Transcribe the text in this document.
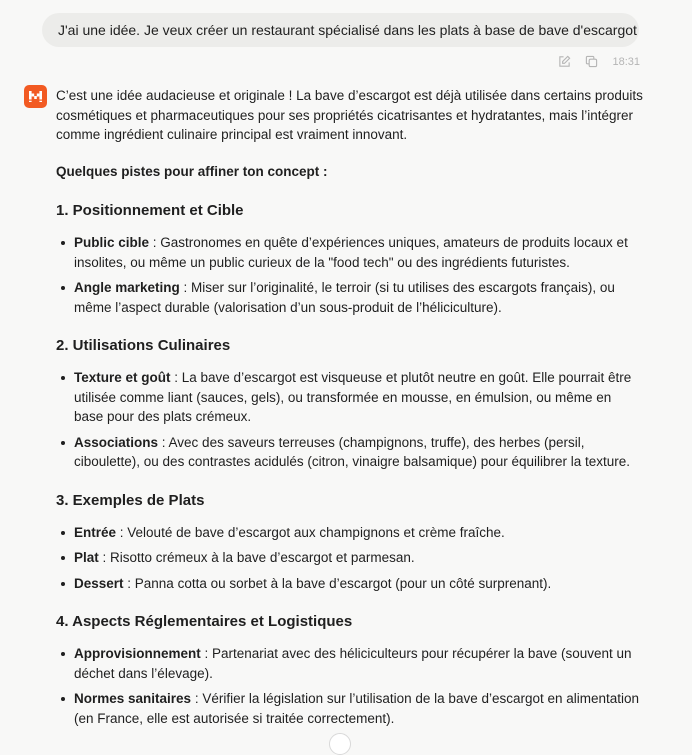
J'ai une idée. Je veux créer un restaurant spécialisé dans les plats à base de bave d'escargot
18:31

C’est une idée audacieuse et originale ! La bave d’escargot est déjà utilisée dans certains produits cosmétiques et pharmaceutiques pour ses propriétés cicatrisantes et hydratantes, mais l’intégrer comme ingrédient culinaire principal est vraiment innovant.

Quelques pistes pour affiner ton concept :

1. Positionnement et Cible
Public cible : Gastronomes en quête d’expériences uniques, amateurs de produits locaux et insolites, ou même un public curieux de la "food tech" ou des ingrédients futuristes.
Angle marketing : Miser sur l’originalité, le terroir (si tu utilises des escargots français), ou même l’aspect durable (valorisation d’un sous-produit de l’héliciculture).
2. Utilisations Culinaires
Texture et goût : La bave d’escargot est visqueuse et plutôt neutre en goût. Elle pourrait être utilisée comme liant (sauces, gels), ou transformée en mousse, en émulsion, ou même en base pour des plats crémeux.
Associations : Avec des saveurs terreuses (champignons, truffe), des herbes (persil, ciboulette), ou des contrastes acidulés (citron, vinaigre balsamique) pour équilibrer la texture.
3. Exemples de Plats
Entrée : Velouté de bave d’escargot aux champignons et crème fraîche.
Plat : Risotto crémeux à la bave d’escargot et parmesan.
Dessert : Panna cotta ou sorbet à la bave d’escargot (pour un côté surprenant).
4. Aspects Réglementaires et Logistiques
Approvisionnement : Partenariat avec des héliciculteurs pour récupérer la bave (souvent un déchet dans l’élevage).
Normes sanitaires : Vérifier la législation sur l’utilisation de la bave d’escargot en alimentation (en France, elle est autorisée si traitée correctement).
